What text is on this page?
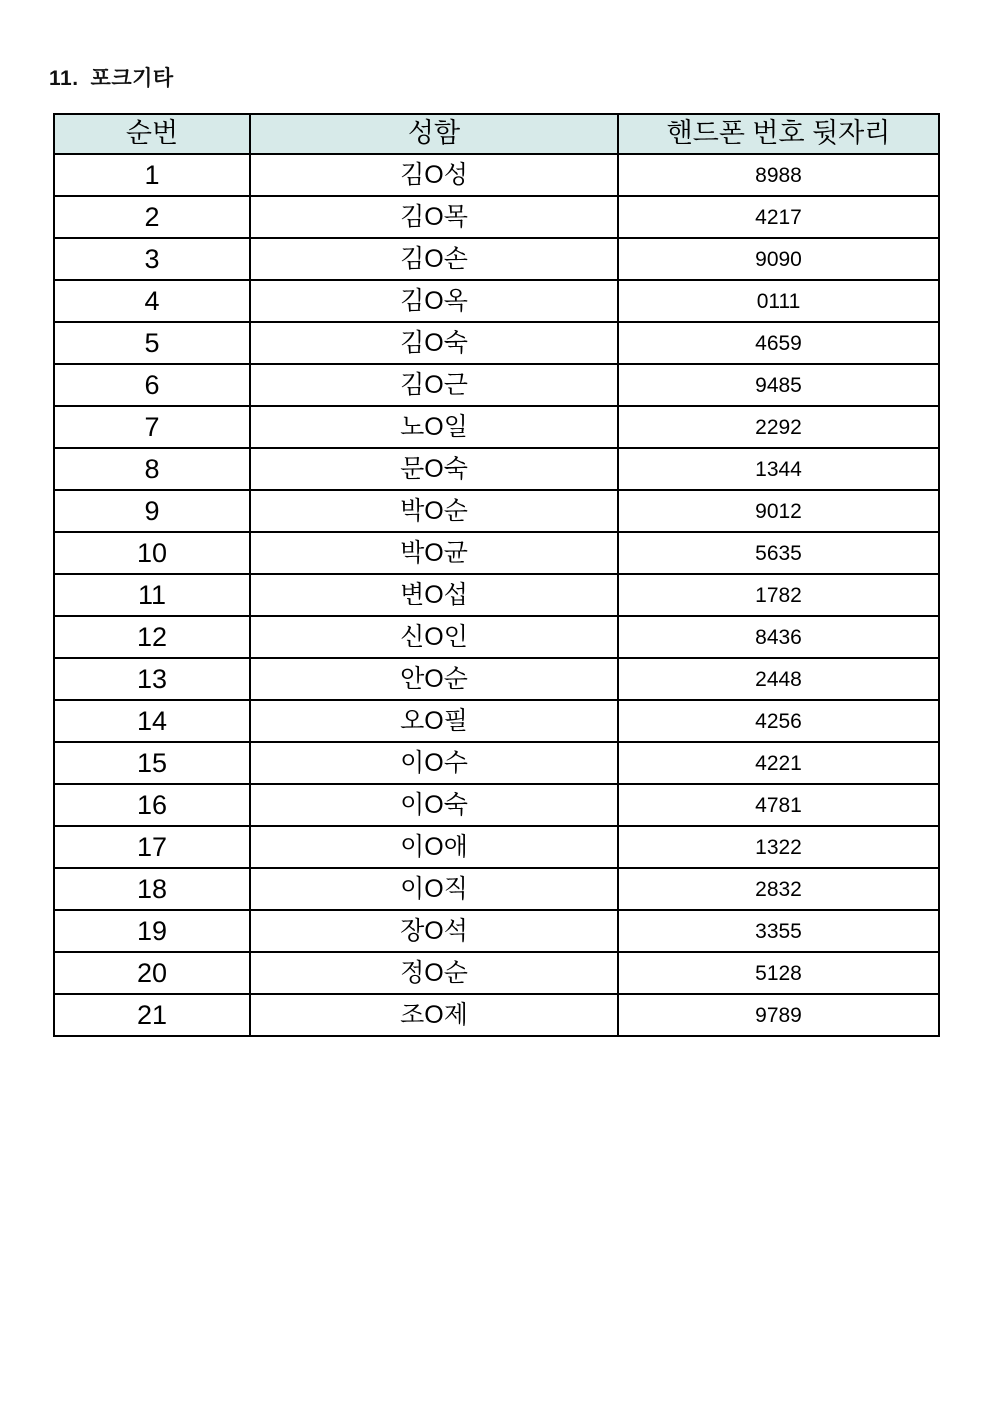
11. 포크기타
순번	성함	핸드폰 번호 뒷자리
1	김O성	8988
2	김O목	4217
3	김O손	9090
4	김O옥	0111
5	김O숙	4659
6	김O근	9485
7	노O일	2292
8	문O숙	1344
9	박O순	9012
10	박O균	5635
11	변O섭	1782
12	신O인	8436
13	안O순	2448
14	오O필	4256
15	이O수	4221
16	이O숙	4781
17	이O애	1322
18	이O직	2832
19	장O석	3355
20	정O순	5128
21	조O제	9789
